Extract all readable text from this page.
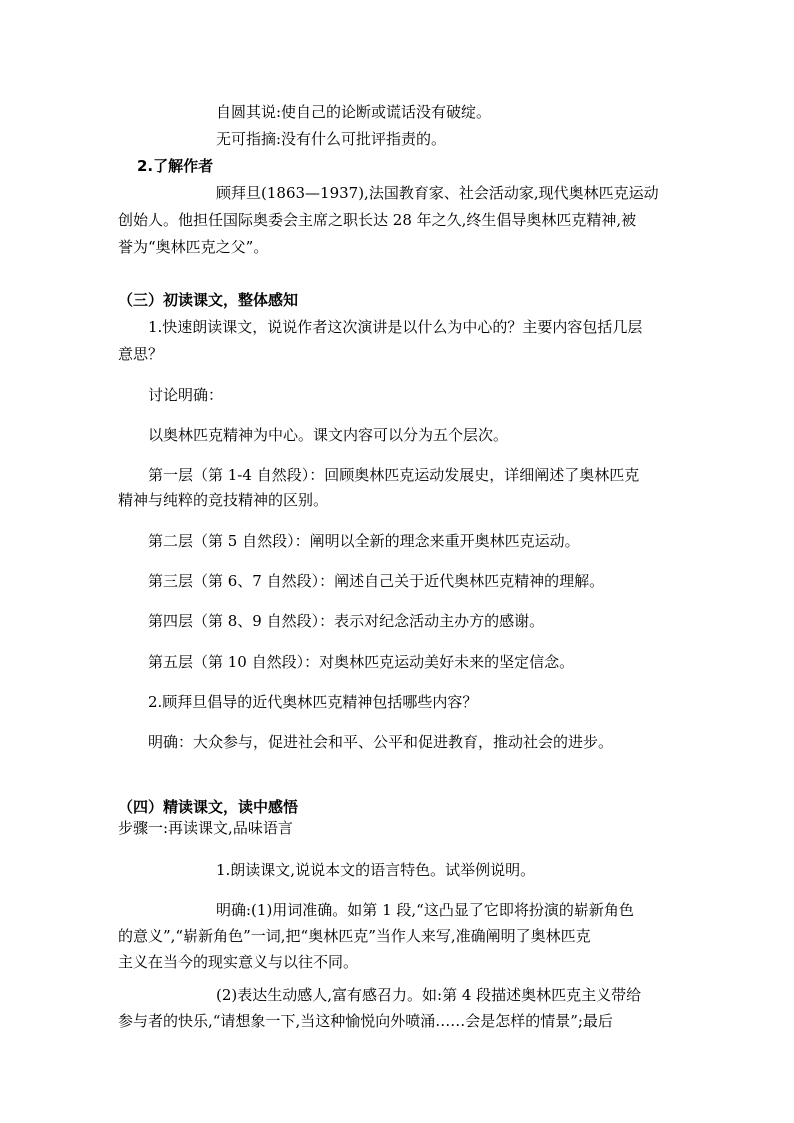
自圆其说:使自己的论断或谎话没有破绽。
无可指摘:没有什么可批评指责的。
2.了解作者
顾拜旦(1863—1937),法国教育家、社会活动家,现代奥林匹克运动
创始人。他担任国际奥委会主席之职长达 28 年之久,终生倡导奥林匹克精神,被
誉为“奥林匹克之父”。
（三）初读课文，整体感知
1.快速朗读课文，说说作者这次演讲是以什么为中心的？主要内容包括几层
意思？
讨论明确：
以奥林匹克精神为中心。课文内容可以分为五个层次。
第一层（第 1-4 自然段）：回顾奥林匹克运动发展史，详细阐述了奥林匹克
精神与纯粹的竞技精神的区别。
第二层（第 5 自然段）：阐明以全新的理念来重开奥林匹克运动。
第三层（第 6、7 自然段）：阐述自己关于近代奥林匹克精神的理解。
第四层（第 8、9 自然段）：表示对纪念活动主办方的感谢。
第五层（第 10 自然段）：对奥林匹克运动美好未来的坚定信念。
2.顾拜旦倡导的近代奥林匹克精神包括哪些内容？
明确：大众参与，促进社会和平、公平和促进教育，推动社会的进步。
（四）精读课文，读中感悟
步骤一:再读课文,品味语言
1.朗读课文,说说本文的语言特色。试举例说明。
明确:(1)用词准确。如第 1 段,“这凸显了它即将扮演的崭新角色
的意义”,“崭新角色”一词,把“奥林匹克”当作人来写,准确阐明了奥林匹克
主义在当今的现实意义与以往不同。
(2)表达生动感人,富有感召力。如:第 4 段描述奥林匹克主义带给
参与者的快乐,“请想象一下,当这种愉悦向外喷涌……会是怎样的情景”;最后
